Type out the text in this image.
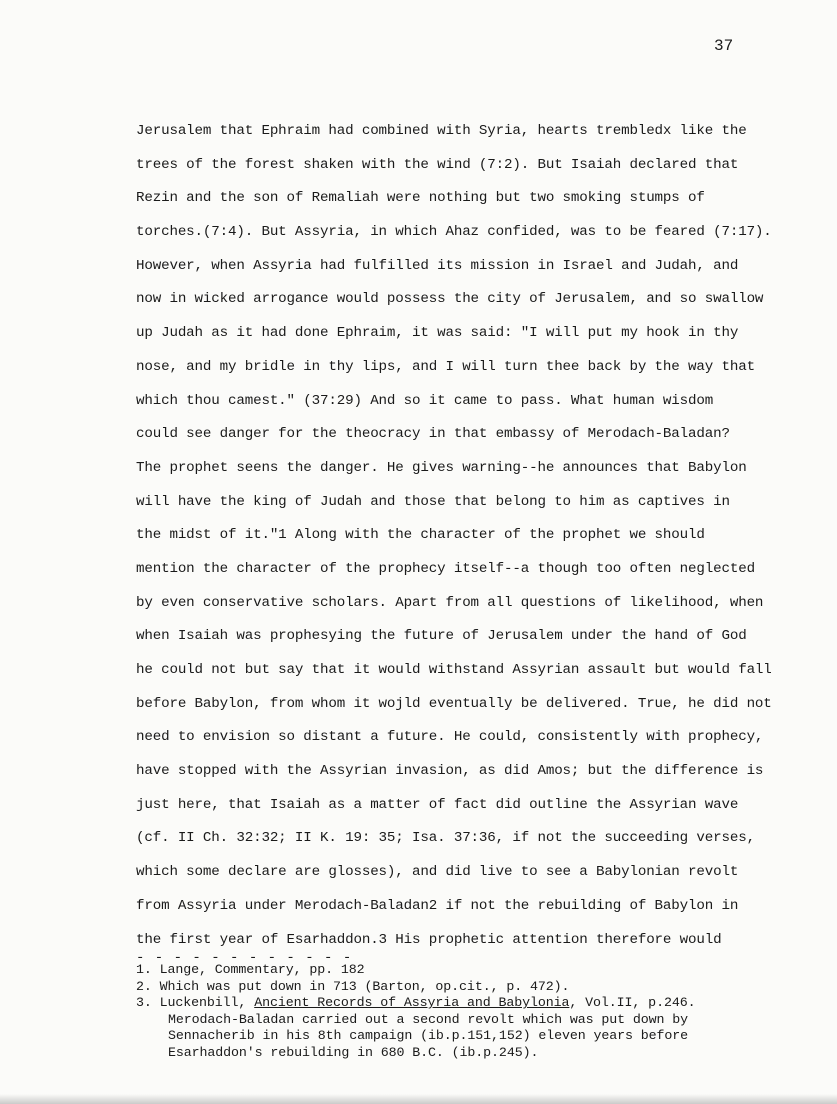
37
Jerusalem that Ephraim had combined with Syria, hearts trembledx like the
trees of the forest shaken with the wind (7:2). But Isaiah declared that
Rezin and the son of Remaliah were nothing but two smoking stumps of
torches.(7:4). But Assyria, in which Ahaz confided, was to be feared (7:17).
However, when Assyria had fulfilled its mission in Israel and Judah, and
now in wicked arrogance would possess the city of Jerusalem, and so swallow
up Judah as it had done Ephraim, it was said: "I will put my hook in thy
nose, and my bridle in thy lips, and I will turn thee back by the way that
which thou camest." (37:29) And so it came to pass. What human wisdom
could see danger for the theocracy in that embassy of Merodach-Baladan?
The prophet seens the danger. He gives warning--he announces that Babylon
will have the king of Judah and those that belong to him as captives in
the midst of it."1 Along with the character of the prophet we should
mention the character of the prophecy itself--a though too often neglected
by even conservative scholars. Apart from all questions of likelihood, when
when Isaiah was prophesying the future of Jerusalem under the hand of God
he could not but say that it would withstand Assyrian assault but would fall
before Babylon, from whom it wojld eventually be delivered. True, he did not
need to envision so distant a future. He could, consistently with prophecy,
have stopped with the Assyrian invasion, as did Amos; but the difference is
just here, that Isaiah as a matter of fact did outline the Assyrian wave
(cf. II Ch. 32:32; II K. 19: 35; Isa. 37:36, if not the succeeding verses,
which some declare are glosses), and did live to see a Babylonian revolt
from Assyria under Merodach-Baladan2 if not the rebuilding of Babylon in
the first year of Esarhaddon.3 His prophetic attention therefore would
- - - - - - - - - - - -
1. Lange, Commentary, pp. 182
2. Which was put down in 713 (Barton, op.cit., p. 472).
3. Luckenbill, Ancient Records of Assyria and Babylonia, Vol.II, p.246.
Merodach-Baladan carried out a second revolt which was put down by
Sennacherib in his 8th campaign (ib.p.151,152) eleven years before
Esarhaddon's rebuilding in 680 B.C. (ib.p.245).
